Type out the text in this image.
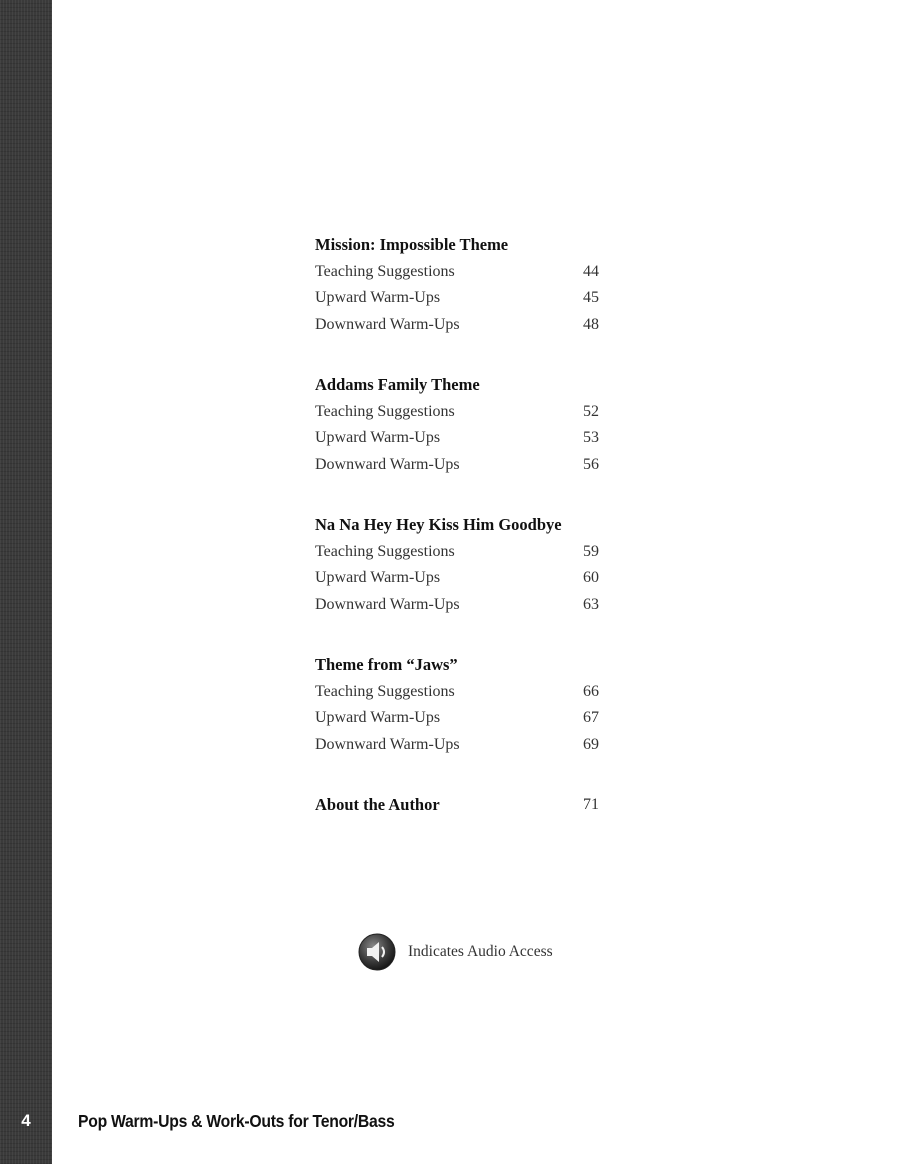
Mission: Impossible Theme
Teaching Suggestions	44
Upward Warm-Ups	45
Downward Warm-Ups	48
Addams Family Theme
Teaching Suggestions	52
Upward Warm-Ups	53
Downward Warm-Ups	56
Na Na Hey Hey Kiss Him Goodbye
Teaching Suggestions	59
Upward Warm-Ups	60
Downward Warm-Ups	63
Theme from “Jaws”
Teaching Suggestions	66
Upward Warm-Ups	67
Downward Warm-Ups	69
About the Author	71
Indicates Audio Access
4	Pop Warm-Ups & Work-Outs for Tenor/Bass
